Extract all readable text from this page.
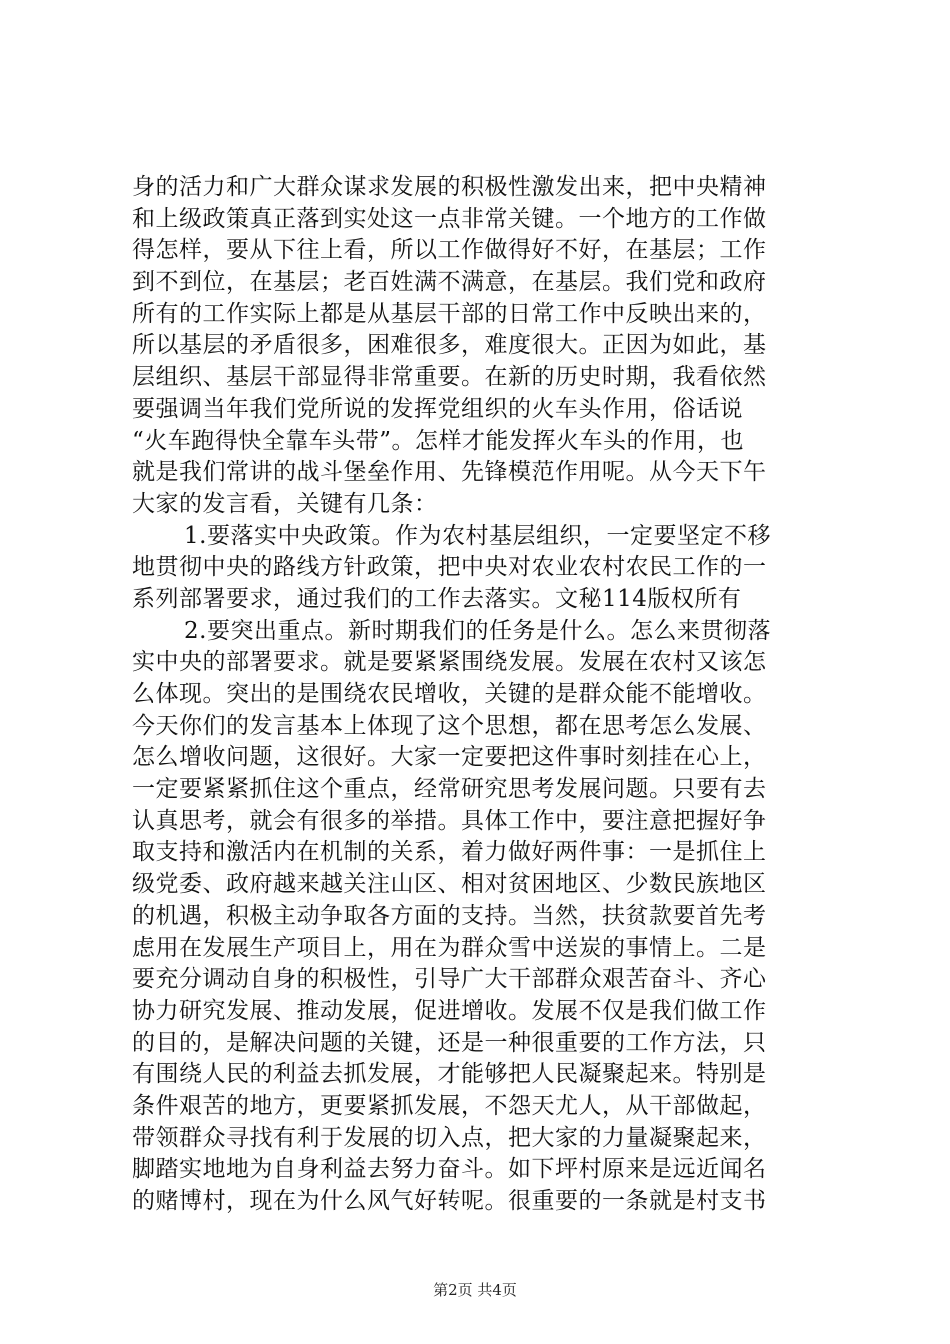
身的活力和广大群众谋求发展的积极性激发出来，把中央精神
和上级政策真正落到实处这一点非常关键。一个地方的工作做
得怎样，要从下往上看，所以工作做得好不好，在基层；工作
到不到位，在基层；老百姓满不满意，在基层。我们党和政府
所有的工作实际上都是从基层干部的日常工作中反映出来的，
所以基层的矛盾很多，困难很多，难度很大。正因为如此，基
层组织、基层干部显得非常重要。在新的历史时期，我看依然
要强调当年我们党所说的发挥党组织的火车头作用，俗话说
“火车跑得快全靠车头带”。怎样才能发挥火车头的作用，也
就是我们常讲的战斗堡垒作用、先锋模范作用呢。从今天下午
大家的发言看，关键有几条：
1.要落实中央政策。作为农村基层组织，一定要坚定不移
地贯彻中央的路线方针政策，把中央对农业农村农民工作的一
系列部署要求，通过我们的工作去落实。文秘114版权所有
2.要突出重点。新时期我们的任务是什么。怎么来贯彻落
实中央的部署要求。就是要紧紧围绕发展。发展在农村又该怎
么体现。突出的是围绕农民增收，关键的是群众能不能增收。
今天你们的发言基本上体现了这个思想，都在思考怎么发展、
怎么增收问题，这很好。大家一定要把这件事时刻挂在心上，
一定要紧紧抓住这个重点，经常研究思考发展问题。只要有去
认真思考，就会有很多的举措。具体工作中，要注意把握好争
取支持和激活内在机制的关系，着力做好两件事：一是抓住上
级党委、政府越来越关注山区、相对贫困地区、少数民族地区
的机遇，积极主动争取各方面的支持。当然，扶贫款要首先考
虑用在发展生产项目上，用在为群众雪中送炭的事情上。二是
要充分调动自身的积极性，引导广大干部群众艰苦奋斗、齐心
协力研究发展、推动发展，促进增收。发展不仅是我们做工作
的目的，是解决问题的关键，还是一种很重要的工作方法，只
有围绕人民的利益去抓发展，才能够把人民凝聚起来。特别是
条件艰苦的地方，更要紧抓发展，不怨天尤人，从干部做起，
带领群众寻找有利于发展的切入点，把大家的力量凝聚起来，
脚踏实地地为自身利益去努力奋斗。如下坪村原来是远近闻名
的赌博村，现在为什么风气好转呢。很重要的一条就是村支书
第2页 共4页
